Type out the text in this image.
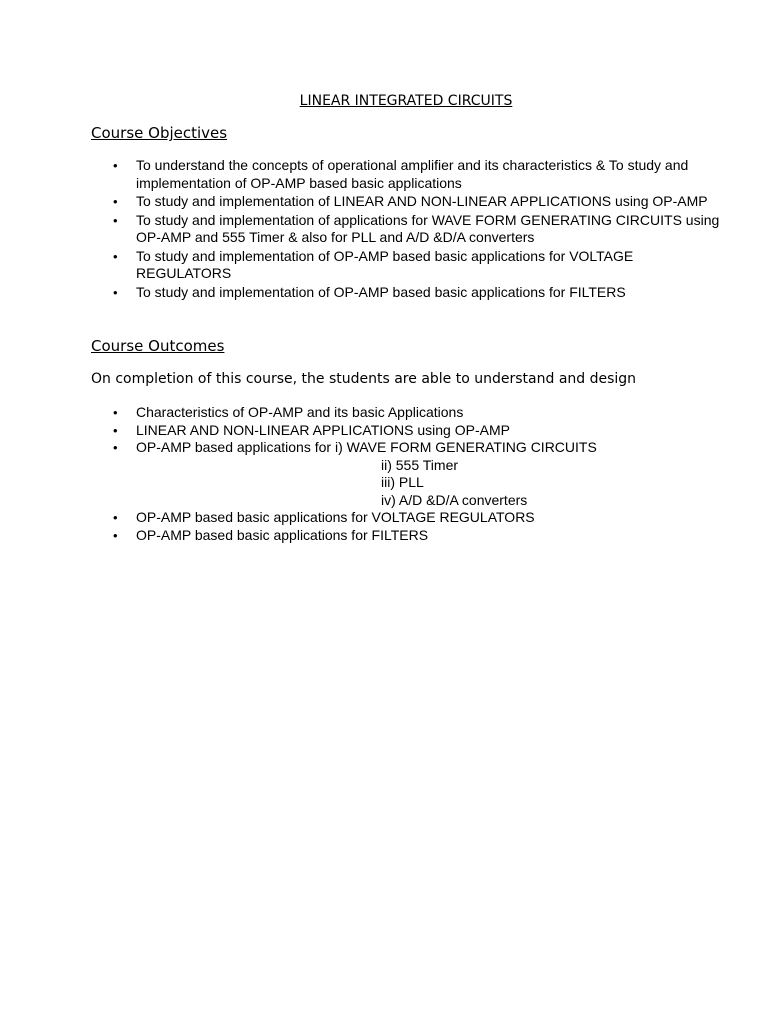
LINEAR INTEGRATED CIRCUITS
Course Objectives
• To understand the concepts of operational amplifier and its characteristics & To study and implementation of OP-AMP based basic applications
• To study and implementation of LINEAR AND NON-LINEAR APPLICATIONS using OP-AMP
• To study and implementation of applications for WAVE FORM GENERATING CIRCUITS using OP-AMP and 555 Timer & also for PLL and A/D &D/A converters
• To study and implementation of OP-AMP based basic applications for VOLTAGE REGULATORS
• To study and implementation of OP-AMP based basic applications for FILTERS
Course Outcomes
On completion of this course, the students are able to understand and design
• Characteristics of OP-AMP and its basic Applications
• LINEAR AND NON-LINEAR APPLICATIONS using OP-AMP
• OP-AMP based applications for i) WAVE FORM GENERATING CIRCUITS
ii) 555 Timer
iii) PLL
iv) A/D &D/A converters
• OP-AMP based basic applications for VOLTAGE REGULATORS
• OP-AMP based basic applications for FILTERS
